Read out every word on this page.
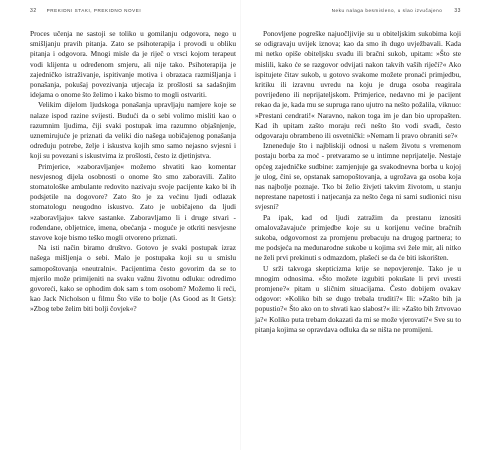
32	PREKIDNI STAKI, PREKIDNO NOVEI

Proces učenja ne sastoji se toliko u gomilanju odgovora, nego u smišljanju pravih pitanja. Zato se psihoterapija i provodi u obliku pitanja i odgovora. Mnogi misle da je riječ o vrsci kojom terapeut vodi klijenta u određenom smjeru, ali nije tako. Psihoterapija je zajedničko istraživanje, ispitivanje motiva i obrazaca razmišljanja i ponašanja, pokušaj povezivanja utjecaja iz prošlosti sa sadašnjim idejama o onome što želimo i kako bismo to mogli ostvariti.

Velikim dijelom ljudskoga ponašanja upravljaju namjere koje se nalaze ispod razine svijesti. Budući da o sebi volimo misliti kao o razumnim ljudima, čiji svaki postupak ima razumno objašnjenje, uznemirujuće je priznati da veliki dio našega uobičajenog ponašanja određuju potrebe, želje i iskustva kojih smo samo nejasno svjesni i koji su povezani s iskustvima iz prošlosti, često iz djetinjstva.

Primjerice, »zaboravljanje« možemo shvatiti kao komentar nesvjesnog dijela osobnosti o onome što smo zaboravili. Zalito stomatološke ambulante redovito nazivaju svoje pacijente kako bi ih podsjetile na dogovore? Zato što je za većinu ljudi odlazak stomatologu neugodno iskustvo. Zato je uobičajeno da ljudi »zaboravljaju« takve sastanke. Zaboravljamo li i druge stvari - rođendane, obljetnice, imena, obećanja - moguće je otkriti nesvjesne stavove koje bismo teško mogli otvoreno priznati.

Na isti način biramo društvo. Gotovo je svaki postupak izraz našega mišljenja o sebi. Malo je postupaka koji su u smislu samopoštovanja »neutralni«. Pacijentima često govorim da se to mjerilo može primijeniti na svaku važnu životnu odluku: odredimo govoreći, kako se ophodim dok sam s tom osobom? Možemo li reći, kao Jack Nicholson u filmu Što više to bolje (As Good as It Gets): »Zbog tebe želim biti bolji čovjek«?

Neku nalaga besmisleno, u slao izvučajeno	33

Ponovljene pogreške najuočljivije su u obiteljskim sukobima koji se odigravaju uvijek iznova; kao da smo ih dugo uvježbavali. Kada mi netko opiše obiteljsku svađu ili bračni sukob, upitam: »Što ste mislili, kako će se razgovor odvijati nakon takvih vaših riječi?« Ako ispitujete čitav sukob, u gotovo svakome možete pronaći primjedbu, kritiku ili izravnu uvredu na koju je druga osoba reagirala povrijeđeno ili neprijateljskom. Primjerice, nedavno mi je pacijent rekao da je, kada mu se supruga rano ujutro na nešto požalila, viknuo: »Prestani cendrati!« Naravno, nakon toga im je dan bio upropašten. Kad ih upitam zašto moraju reći nešto što vodi svađi, često odgovaraju obrambeno ili osvetnički: »Nemam li pravo obraniti se?«

Izneneđuje što i najbliskiji odnosi u našem životu s vremenom postaju borba za moć - pretvaramo se u intimne neprijatelje. Nestaje općeg zajedničke sudbine: zamjenjuje ga svakodnevna borba u kojoj je ulog, čini se, opstanak samopoštovanja, a ugrožava ga osoba koja nas najbolje poznaje. Tko bi želio živjeti takvim životom, u stanju neprestane napetosti i natjecanja za nešto čega ni sami sudionici nisu svjesni?

Pa ipak, kad od ljudi zatražim da prestanu iznositi omalovažavajuće primjedbe koje su u korijenu većine bračnih sukoba, odgovornost za promjenu prebacuju na drugog partnera; to me podsjeća na međunarodne sukobe u kojima svi žele mir, ali nitko ne želi prvi prekinuti s odmazdom, plašeći se da će biti iskorišten.

U srži takvoga skepticizma krije se nepovjerenje. Tako je u mnogim odnosima. »Što možete izgubiti pokušate li prvi uvesti promjene?« pitam u sličnim situacijama. Često dobijem ovakav odgovor: »Koliko bih se dugo trebala truditi?« Ili: »Zašto bih ja popustio?« Što ako on to shvati kao slabost?« ili: »Zašto bih žrtvovao ja?« Koliko puta trebam dokazati da mi se može vjerovati?« Sve su to pitanja kojima se opravdava odluka da se ništa ne promijeni.
